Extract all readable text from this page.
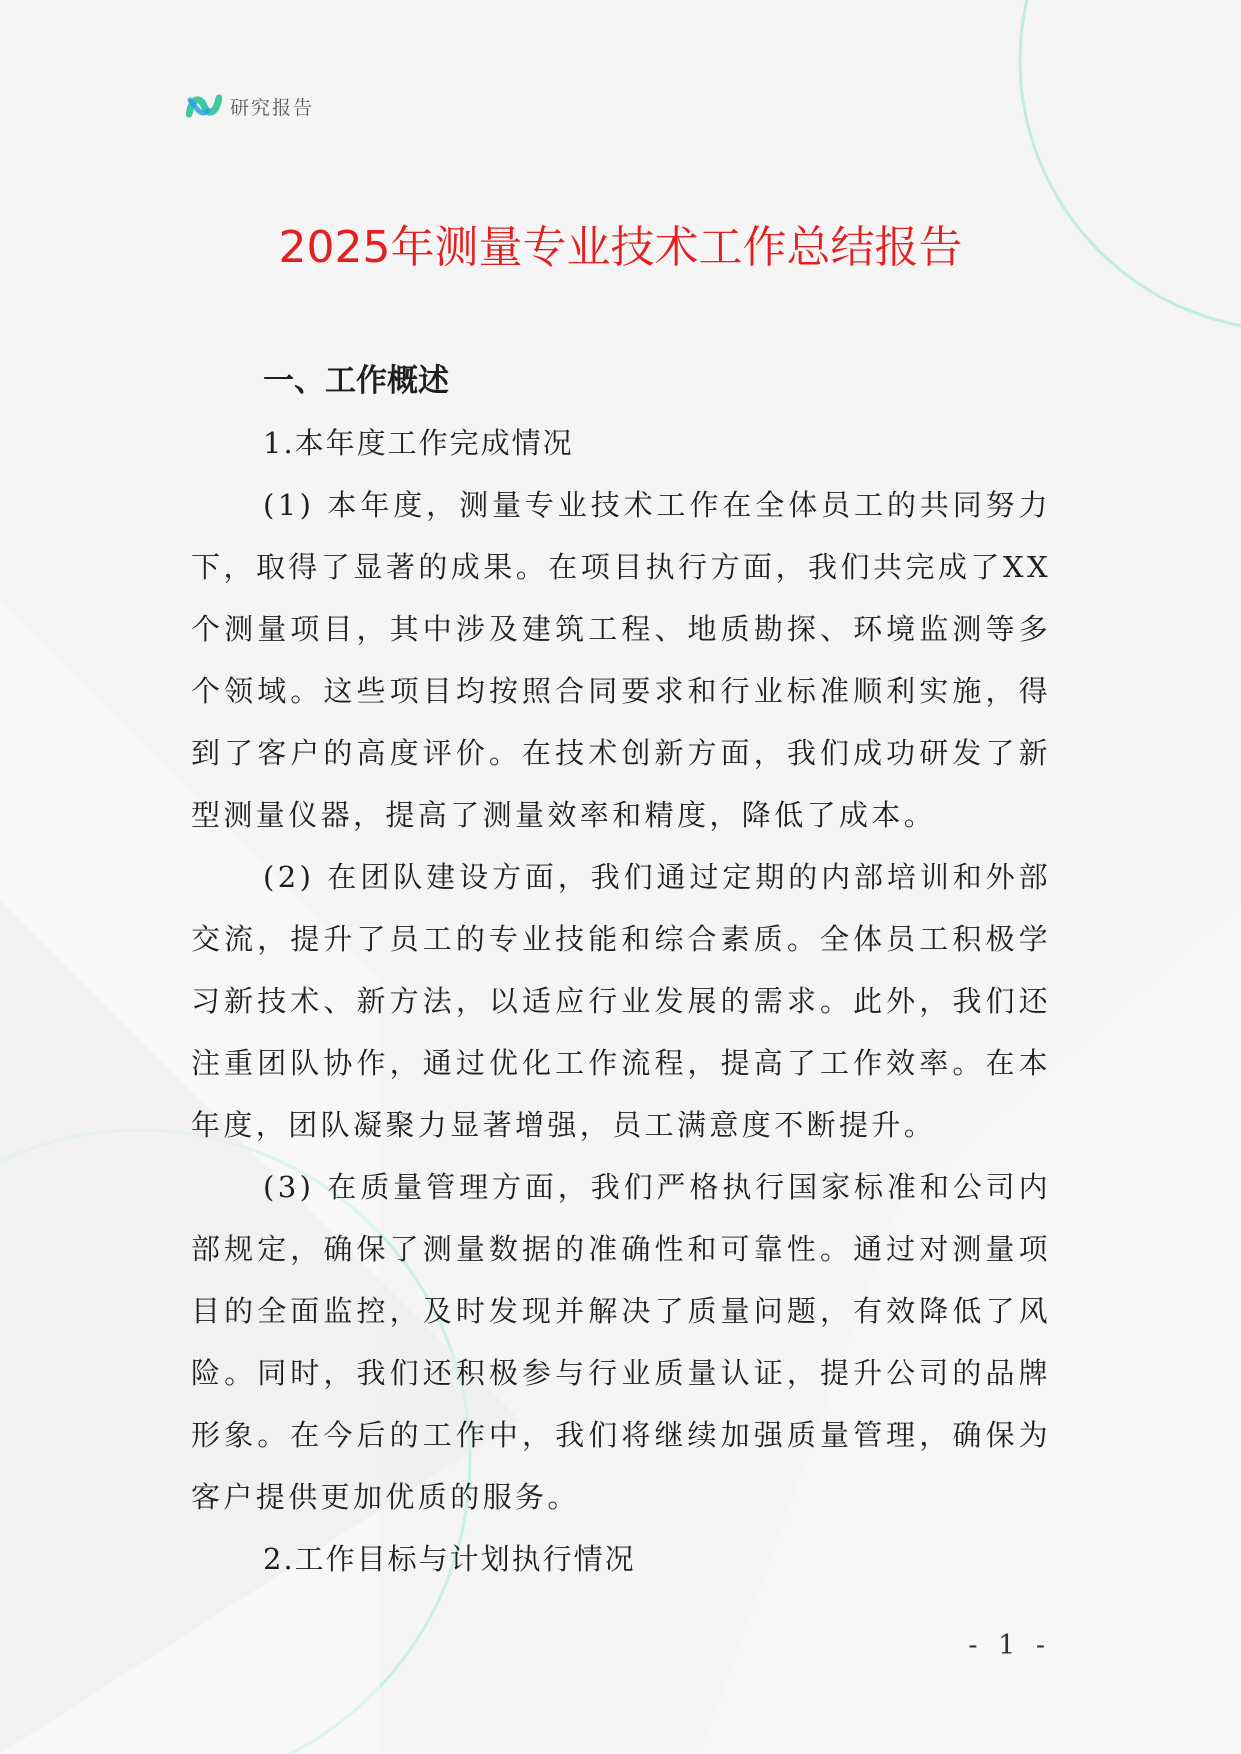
研究报告
2025年测量专业技术工作总结报告
一、工作概述

1.本年度工作完成情况

(1) 本年度，测量专业技术工作在全体员工的共同努力下，取得了显著的成果。在项目执行方面，我们共完成了XX个测量项目，其中涉及建筑工程、地质勘探、环境监测等多个领域。这些项目均按照合同要求和行业标准顺利实施，得到了客户的高度评价。在技术创新方面，我们成功研发了新型测量仪器，提高了测量效率和精度，降低了成本。

(2) 在团队建设方面，我们通过定期的内部培训和外部交流，提升了员工的专业技能和综合素质。全体员工积极学习新技术、新方法，以适应行业发展的需求。此外，我们还注重团队协作，通过优化工作流程，提高了工作效率。在本年度，团队凝聚力显著增强，员工满意度不断提升。

(3) 在质量管理方面，我们严格执行国家标准和公司内部规定，确保了测量数据的准确性和可靠性。通过对测量项目的全面监控，及时发现并解决了质量问题，有效降低了风险。同时，我们还积极参与行业质量认证，提升公司的品牌形象。在今后的工作中，我们将继续加强质量管理，确保为客户提供更加优质的服务。

2.工作目标与计划执行情况

- 1 -
